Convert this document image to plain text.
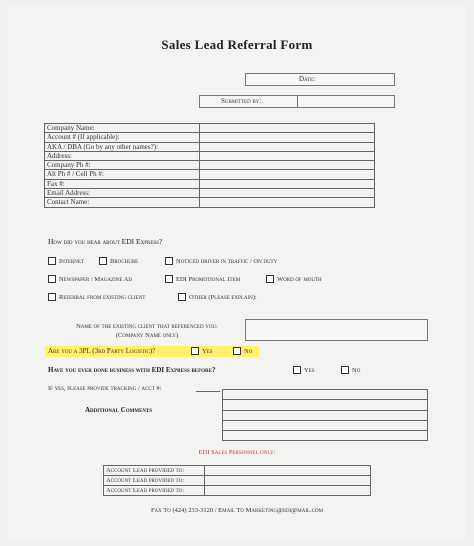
Sales Lead Referral Form
Date:
Submitted by:
Company Name:	
Account # (If applicable):	
AKA / DBA (Go by any other names?):	
Address:	
Company Ph #:	
Alt Ph # / Cell Ph #:	
Fax #:	
Email Address:	
Contact Name:	
How did you hear about EDI Express?
Internet	Brochure	Noticed driver in traffic / On duty
Newspaper / Magazine Ad	EDI Promotional Item	Word of mouth
Referral from existing client	Other (Please explain):
Name of the existing client that referenced you:
(Company Name only)
Are you a 3PL (3rd Party Logistic)?	Yes	No
Have you ever done business with EDI Express before?	Yes	No
If yes, please provide tracking / acct #:
Additional Comments

EDI Sales Personnel only:
Account Lead provided to:	
Account Lead provided to:	
Account Lead provided to:	
Fax To (424) 233-3120 / Email To Marketing@edi@mail.com
